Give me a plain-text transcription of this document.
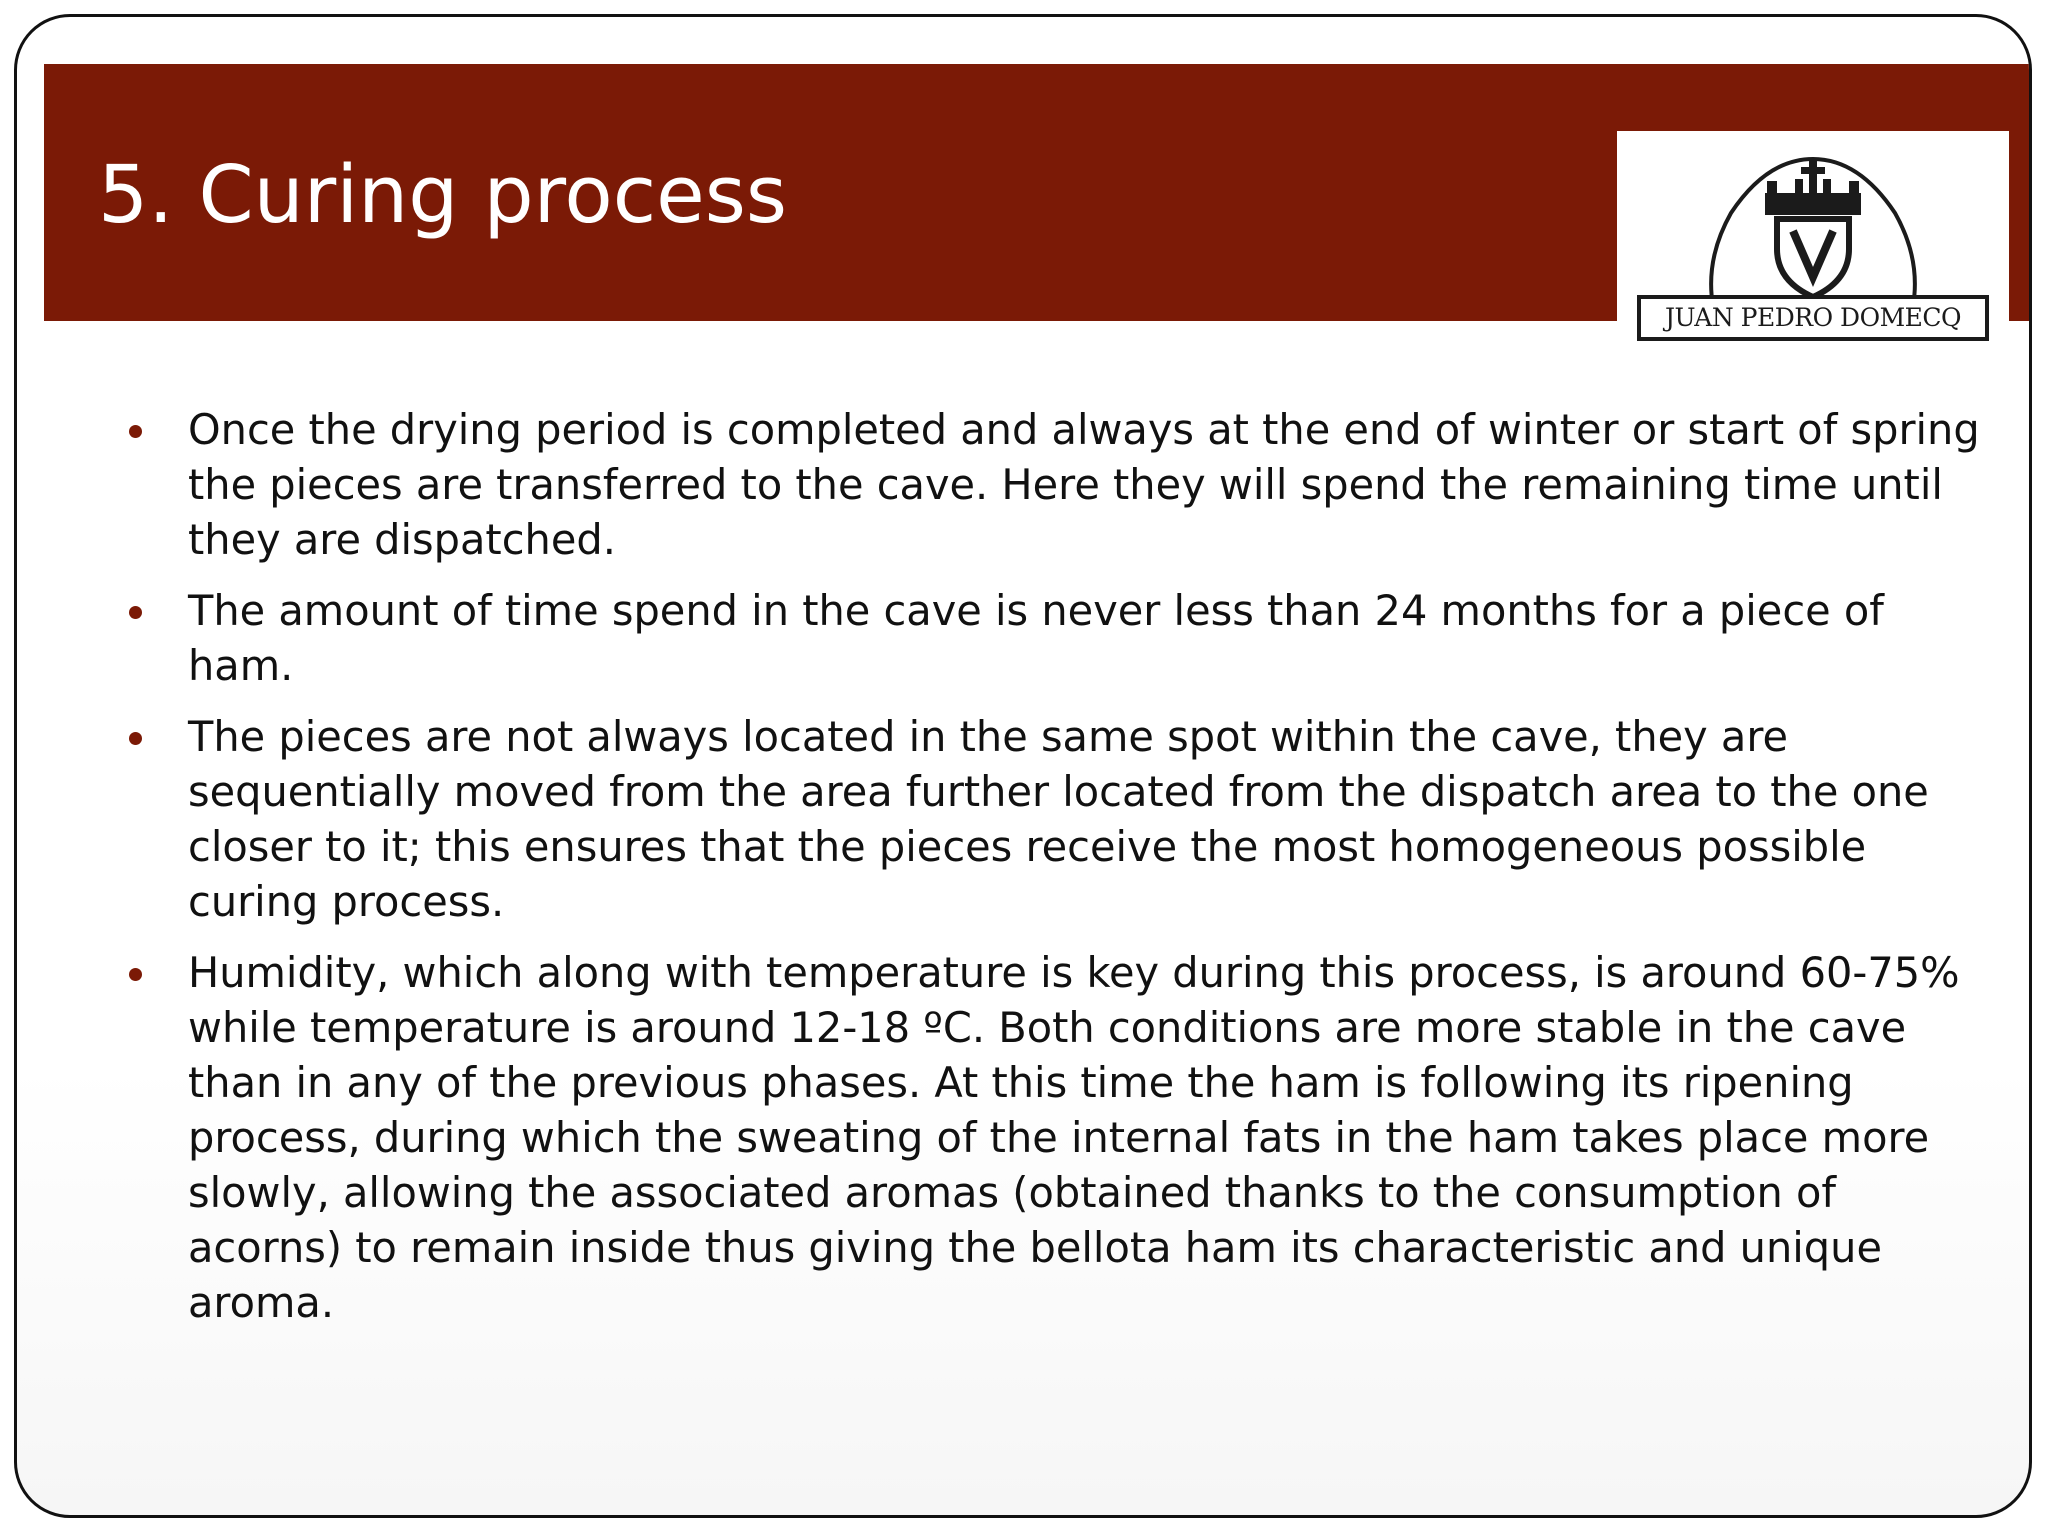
5. Curing process
JUAN PEDRO DOMECQ
Once the drying period is completed and always at the end of winter or start of spring the pieces are transferred to the cave. Here they will spend the remaining time until they are dispatched.
The amount of time spend in the cave is never less than 24 months for a piece of ham.
The pieces are not always located in the same spot within the cave, they are sequentially moved from the area further located from the dispatch area to the one closer to it; this ensures that the pieces receive the most homogeneous possible curing process.
Humidity, which along with temperature is key during this process, is around 60-75% while temperature is around 12-18 ºC. Both conditions are more stable in the cave than in any of the previous phases. At this time the ham is following its ripening process, during which the sweating of the internal fats in the ham takes place more slowly, allowing the associated aromas (obtained thanks to the consumption of acorns) to remain inside thus giving the bellota ham its characteristic and unique aroma.
